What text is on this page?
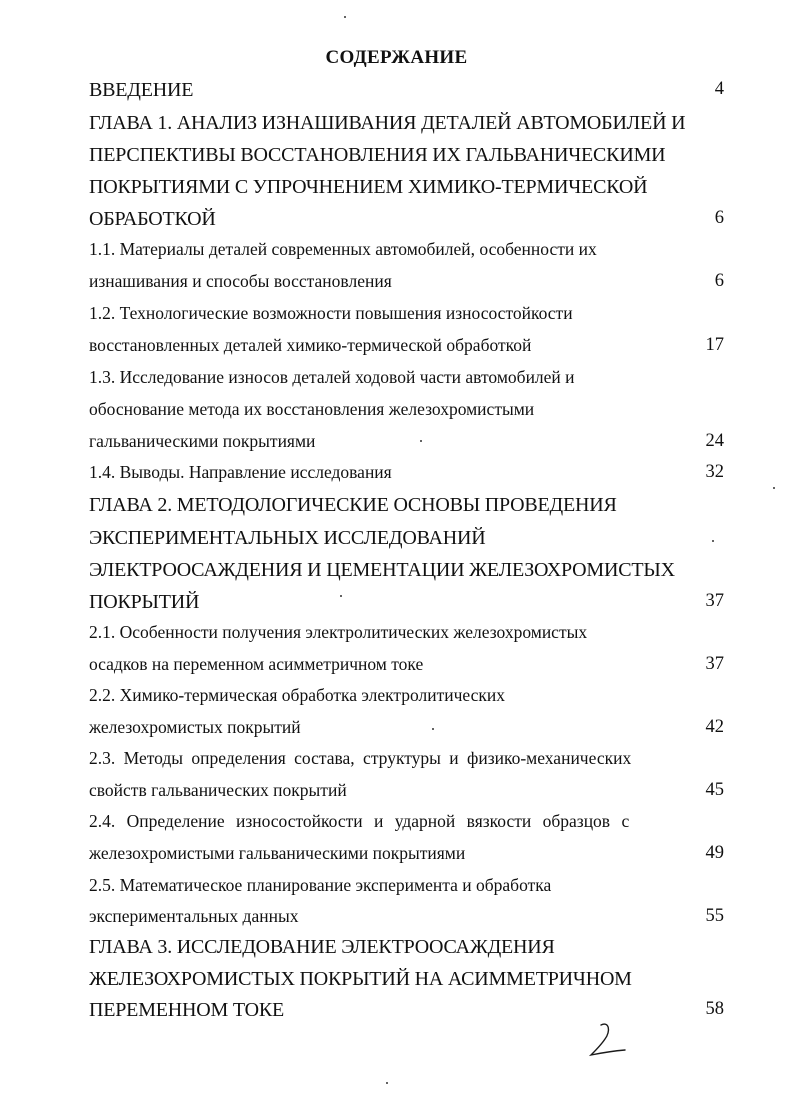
СОДЕРЖАНИЕ
ВВЕДЕНИЕ	4
ГЛАВА 1. АНАЛИЗ ИЗНАШИВАНИЯ ДЕТАЛЕЙ АВТОМОБИЛЕЙ И
ПЕРСПЕКТИВЫ ВОССТАНОВЛЕНИЯ ИХ ГАЛЬВАНИЧЕСКИМИ
ПОКРЫТИЯМИ С УПРОЧНЕНИЕМ ХИМИКО-ТЕРМИЧЕСКОЙ
ОБРАБОТКОЙ	6
1.1. Материалы деталей современных автомобилей, особенности их
изнашивания и способы восстановления	6
1.2. Технологические возможности повышения износостойкости
восстановленных деталей химико-термической обработкой	17
1.3. Исследование износов деталей ходовой части автомобилей и
обоснование метода их восстановления железохромистыми
гальваническими покрытиями	24
1.4. Выводы. Направление исследования	32
ГЛАВА 2. МЕТОДОЛОГИЧЕСКИЕ ОСНОВЫ ПРОВЕДЕНИЯ
ЭКСПЕРИМЕНТАЛЬНЫХ ИССЛЕДОВАНИЙ
ЭЛЕКТРООСАЖДЕНИЯ И ЦЕМЕНТАЦИИ ЖЕЛЕЗОХРОМИСТЫХ
ПОКРЫТИЙ	37
2.1. Особенности получения электролитических железохромистых
осадков на переменном асимметричном токе	37
2.2. Химико-термическая обработка электролитических
железохромистых покрытий	42
2.3. Методы определения состава, структуры и физико-механических
свойств гальванических покрытий	45
2.4. Определение износостойкости и ударной вязкости образцов с
железохромистыми гальваническими покрытиями	49
2.5. Математическое планирование эксперимента и обработка
экспериментальных данных	55
ГЛАВА 3. ИССЛЕДОВАНИЕ ЭЛЕКТРООСАЖДЕНИЯ
ЖЕЛЕЗОХРОМИСТЫХ ПОКРЫТИЙ НА АСИММЕТРИЧНОМ
ПЕРЕМЕННОМ ТОКЕ	58
